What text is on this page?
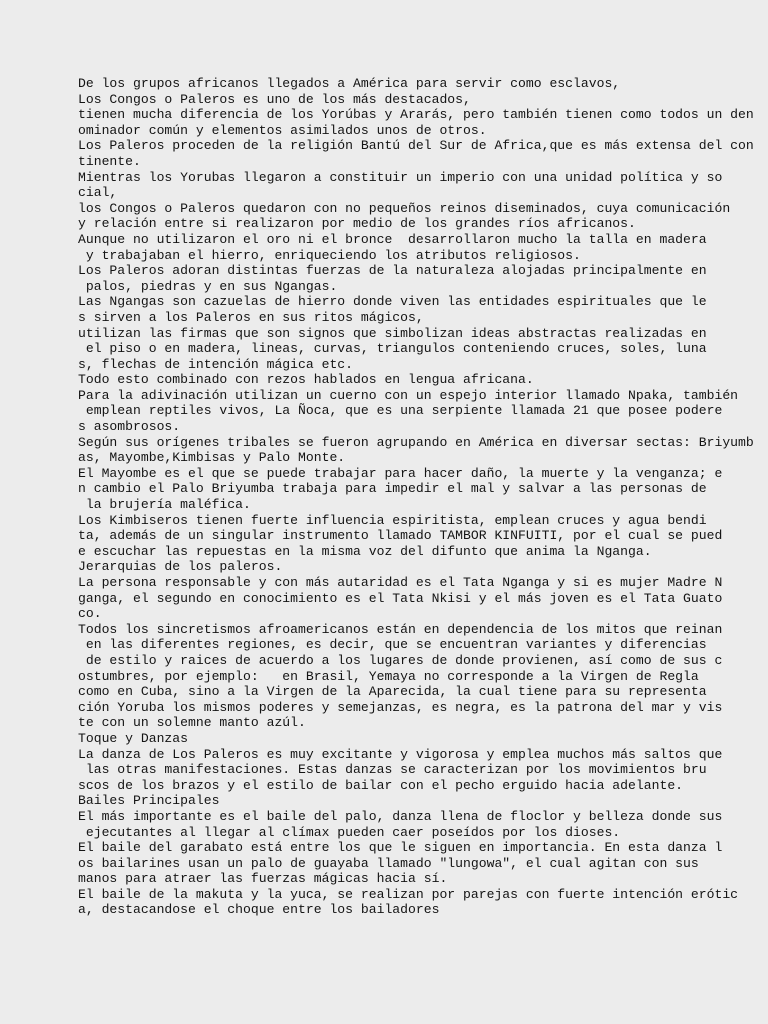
De los grupos africanos llegados a América para servir como esclavos,
Los Congos o Paleros es uno de los más destacados,
tienen mucha diferencia de los Yorúbas y Ararás, pero también tienen como todos un den
ominador común y elementos asimilados unos de otros.
Los Paleros proceden de la religión Bantú del Sur de Africa,que es más extensa del con
tinente.
Mientras los Yorubas llegaron a constituir un imperio con una unidad política y so
cial,
los Congos o Paleros quedaron con no pequeños reinos diseminados, cuya comunicación
y relación entre si realizaron por medio de los grandes ríos africanos.
Aunque no utilizaron el oro ni el bronce  desarrollaron mucho la talla en madera
y trabajaban el hierro, enriqueciendo los atributos religiosos.
Los Paleros adoran distintas fuerzas de la naturaleza alojadas principalmente en
palos, piedras y en sus Ngangas.
Las Ngangas son cazuelas de hierro donde viven las entidades espirituales que le
s sirven a los Paleros en sus ritos mágicos,
utilizan las firmas que son signos que simbolizan ideas abstractas realizadas en
el piso o en madera, lineas, curvas, triangulos conteniendo cruces, soles, luna
s, flechas de intención mágica etc.
Todo esto combinado con rezos hablados en lengua africana.
Para la adivinación utilizan un cuerno con un espejo interior llamado Npaka, también
emplean reptiles vivos, La Ñoca, que es una serpiente llamada 21 que posee podere
s asombrosos.
Según sus orígenes tribales se fueron agrupando en América en diversar sectas: Briyumb
as, Mayombe,Kimbisas y Palo Monte.
El Mayombe es el que se puede trabajar para hacer daño, la muerte y la venganza; e
n cambio el Palo Briyumba trabaja para impedir el mal y salvar a las personas de
la brujería maléfica.
Los Kimbiseros tienen fuerte influencia espiritista, emplean cruces y agua bendi
ta, además de un singular instrumento llamado TAMBOR KINFUITI, por el cual se pued
e escuchar las repuestas en la misma voz del difunto que anima la Nganga.
Jerarquias de los paleros.
La persona responsable y con más autaridad es el Tata Nganga y si es mujer Madre N
ganga, el segundo en conocimiento es el Tata Nkisi y el más joven es el Tata Guato
co.
Todos los sincretismos afroamericanos están en dependencia de los mitos que reinan
en las diferentes regiones, es decir, que se encuentran variantes y diferencias
de estilo y raices de acuerdo a los lugares de donde provienen, así como de sus c
ostumbres, por ejemplo:   en Brasil, Yemaya no corresponde a la Virgen de Regla
como en Cuba, sino a la Virgen de la Aparecida, la cual tiene para su representa
ción Yoruba los mismos poderes y semejanzas, es negra, es la patrona del mar y vis
te con un solemne manto azúl.
Toque y Danzas
La danza de Los Paleros es muy excitante y vigorosa y emplea muchos más saltos que
las otras manifestaciones. Estas danzas se caracterizan por los movimientos bru
scos de los brazos y el estilo de bailar con el pecho erguido hacia adelante.
Bailes Principales
El más importante es el baile del palo, danza llena de floclor y belleza donde sus
ejecutantes al llegar al clímax pueden caer poseídos por los dioses.
El baile del garabato está entre los que le siguen en importancia. En esta danza l
os bailarines usan un palo de guayaba llamado "lungowa", el cual agitan con sus
manos para atraer las fuerzas mágicas hacia sí.
El baile de la makuta y la yuca, se realizan por parejas con fuerte intención erótic
a, destacandose el choque entre los bailadores
